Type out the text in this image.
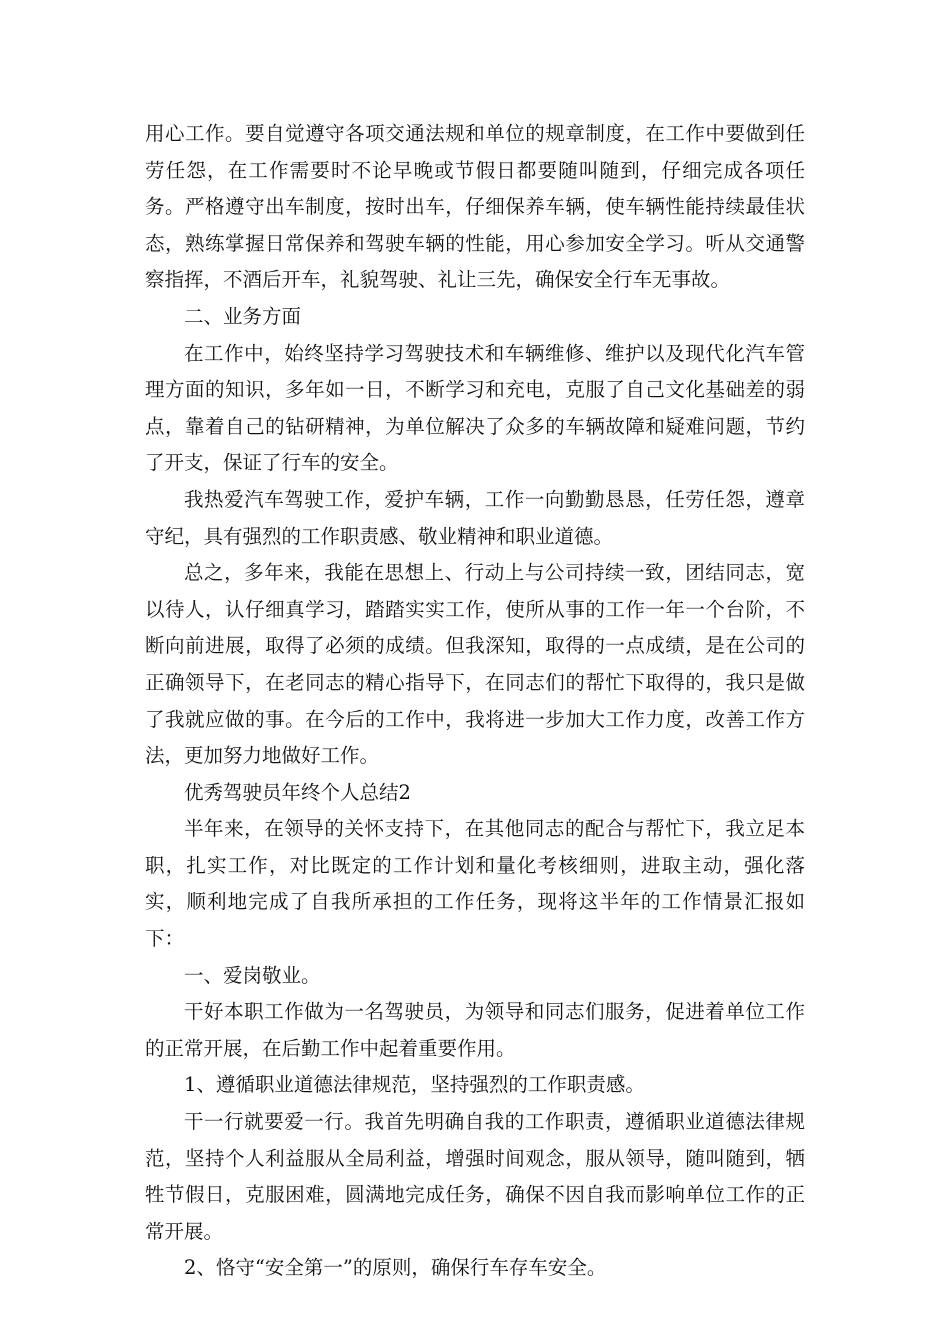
用心工作。要自觉遵守各项交通法规和单位的规章制度，在工作中要做到任劳任怨，在工作需要时不论早晚或节假日都要随叫随到，仔细完成各项任务。严格遵守出车制度，按时出车，仔细保养车辆，使车辆性能持续最佳状态，熟练掌握日常保养和驾驶车辆的性能，用心参加安全学习。听从交通警察指挥，不酒后开车，礼貌驾驶、礼让三先，确保安全行车无事故。

二、业务方面

在工作中，始终坚持学习驾驶技术和车辆维修、维护以及现代化汽车管理方面的知识，多年如一日，不断学习和充电，克服了自己文化基础差的弱点，靠着自己的钻研精神，为单位解决了众多的车辆故障和疑难问题，节约了开支，保证了行车的安全。

我热爱汽车驾驶工作，爱护车辆，工作一向勤勤恳恳，任劳任怨，遵章守纪，具有强烈的工作职责感、敬业精神和职业道德。

总之，多年来，我能在思想上、行动上与公司持续一致，团结同志，宽以待人，认仔细真学习，踏踏实实工作，使所从事的工作一年一个台阶，不断向前进展，取得了必须的成绩。但我深知，取得的一点成绩，是在公司的正确领导下，在老同志的精心指导下，在同志们的帮忙下取得的，我只是做了我就应做的事。在今后的工作中，我将进一步加大工作力度，改善工作方法，更加努力地做好工作。

优秀驾驶员年终个人总结2

半年来，在领导的关怀支持下，在其他同志的配合与帮忙下，我立足本职，扎实工作，对比既定的工作计划和量化考核细则，进取主动，强化落实，顺利地完成了自我所承担的工作任务，现将这半年的工作情景汇报如下：

一、爱岗敬业。

干好本职工作做为一名驾驶员，为领导和同志们服务，促进着单位工作的正常开展，在后勤工作中起着重要作用。

1、遵循职业道德法律规范，坚持强烈的工作职责感。

干一行就要爱一行。我首先明确自我的工作职责，遵循职业道德法律规范，坚持个人利益服从全局利益，增强时间观念，服从领导，随叫随到，牺牲节假日，克服困难，圆满地完成任务，确保不因自我而影响单位工作的正常开展。

2、恪守“安全第一”的原则，确保行车存车安全。
